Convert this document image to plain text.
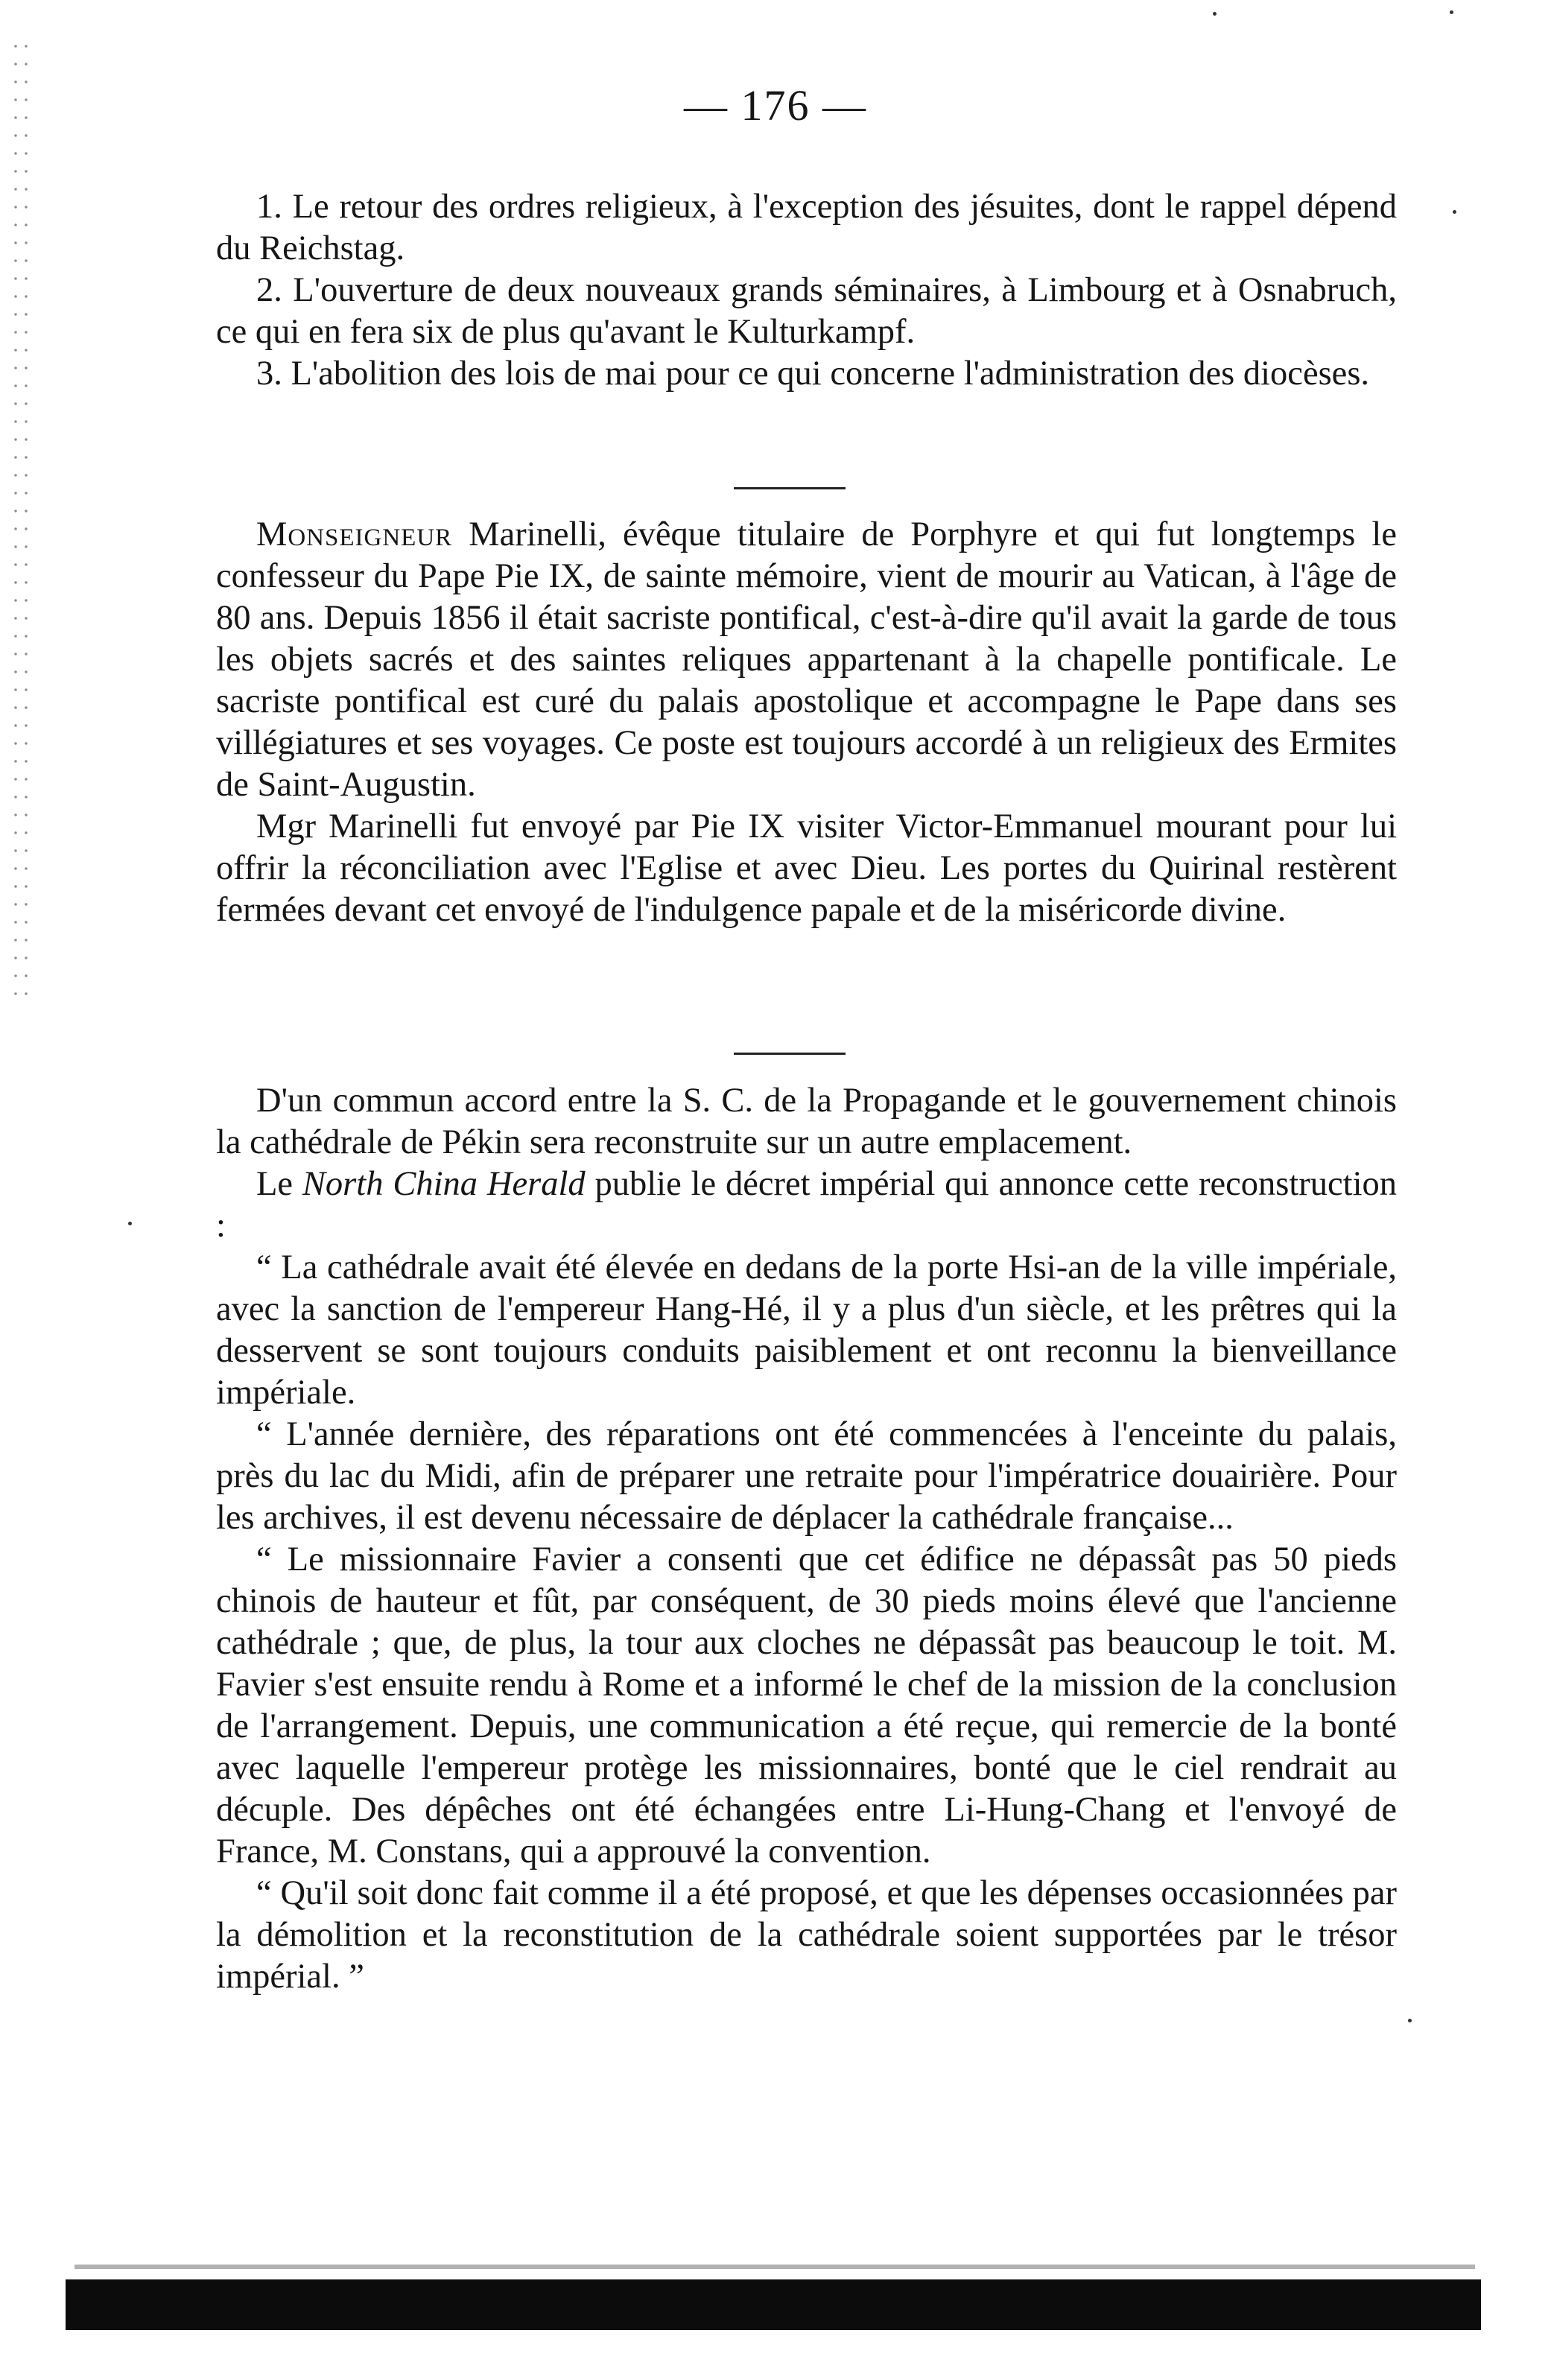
— 176 —

1. Le retour des ordres religieux, à l'exception des jésuites, dont le rappel dépend du Reichstag.

2. L'ouverture de deux nouveaux grands séminaires, à Limbourg et à Osnabruch, ce qui en fera six de plus qu'avant le Kulturkampf.

3. L'abolition des lois de mai pour ce qui concerne l'administration des diocèses.

Monseigneur Marinelli, évêque titulaire de Porphyre et qui fut longtemps le confesseur du Pape Pie IX, de sainte mémoire, vient de mourir au Vatican, à l'âge de 80 ans. Depuis 1856 il était sacriste pontifical, c'est-à-dire qu'il avait la garde de tous les objets sacrés et des saintes reliques appartenant à la chapelle pontificale. Le sacriste pontifical est curé du palais apostolique et accompagne le Pape dans ses villégiatures et ses voyages. Ce poste est toujours accordé à un religieux des Ermites de Saint-Augustin.

Mgr Marinelli fut envoyé par Pie IX visiter Victor-Emmanuel mourant pour lui offrir la réconciliation avec l'Eglise et avec Dieu. Les portes du Quirinal restèrent fermées devant cet envoyé de l'indulgence papale et de la miséricorde divine.

D'un commun accord entre la S. C. de la Propagande et le gouvernement chinois la cathédrale de Pékin sera reconstruite sur un autre emplacement.

Le North China Herald publie le décret impérial qui annonce cette reconstruction :

“ La cathédrale avait été élevée en dedans de la porte Hsi-an de la ville impériale, avec la sanction de l'empereur Hang-Hé, il y a plus d'un siècle, et les prêtres qui la desservent se sont toujours conduits paisiblement et ont reconnu la bienveillance impériale.

“ L'année dernière, des réparations ont été commencées à l'enceinte du palais, près du lac du Midi, afin de préparer une retraite pour l'impératrice douairière. Pour les archives, il est devenu nécessaire de déplacer la cathédrale française...

“ Le missionnaire Favier a consenti que cet édifice ne dépassât pas 50 pieds chinois de hauteur et fût, par conséquent, de 30 pieds moins élevé que l'ancienne cathédrale ; que, de plus, la tour aux cloches ne dépassât pas beaucoup le toit. M. Favier s'est ensuite rendu à Rome et a informé le chef de la mission de la conclusion de l'arrangement. Depuis, une communication a été reçue, qui remercie de la bonté avec laquelle l'empereur protège les missionnaires, bonté que le ciel rendrait au décuple. Des dépêches ont été échangées entre Li-Hung-Chang et l'envoyé de France, M. Constans, qui a approuvé la convention.

“ Qu'il soit donc fait comme il a été proposé, et que les dépenses occasionnées par la démolition et la reconstitution de la cathédrale soient supportées par le trésor impérial. ”
